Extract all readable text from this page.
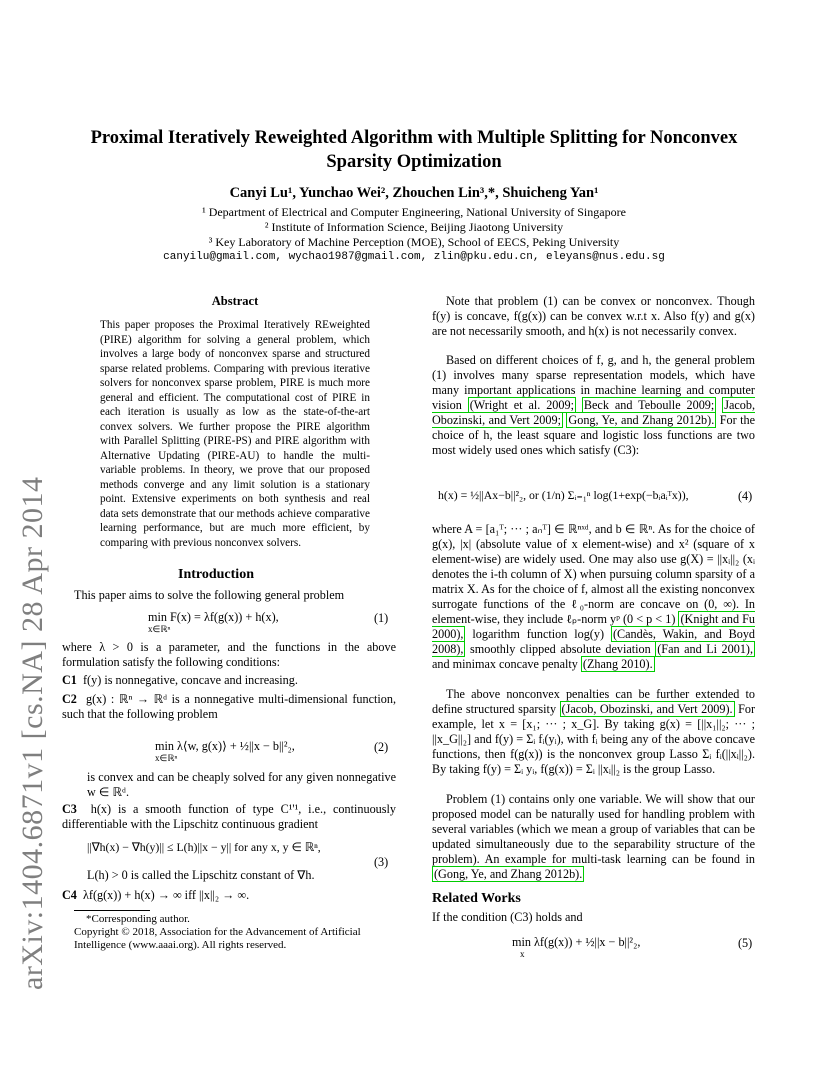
Proximal Iteratively Reweighted Algorithm with Multiple Splitting for Nonconvex Sparsity Optimization
Canyi Lu¹, Yunchao Wei², Zhouchen Lin³,*, Shuicheng Yan¹
¹ Department of Electrical and Computer Engineering, National University of Singapore
² Institute of Information Science, Beijing Jiaotong University
³ Key Laboratory of Machine Perception (MOE), School of EECS, Peking University
canyilu@gmail.com, wychao1987@gmail.com, zlin@pku.edu.cn, eleyans@nus.edu.sg
arXiv:1404.6871v1 [cs.NA] 28 Apr 2014
Abstract
This paper proposes the Proximal Iteratively REweighted (PIRE) algorithm for solving a general problem, which involves a large body of nonconvex sparse and structured sparse related problems. Comparing with previous iterative solvers for nonconvex sparse problem, PIRE is much more general and efficient. The computational cost of PIRE in each iteration is usually as low as the state-of-the-art convex solvers. We further propose the PIRE algorithm with Parallel Splitting (PIRE-PS) and PIRE algorithm with Alternative Updating (PIRE-AU) to handle the multi-variable problems. In theory, we prove that our proposed methods converge and any limit solution is a stationary point. Extensive experiments on both synthesis and real data sets demonstrate that our methods achieve comparative learning performance, but are much more efficient, by comparing with previous nonconvex solvers.
Introduction
This paper aims to solve the following general problem
min F(x) = λf(g(x)) + h(x),
x∈ℝⁿ
(1)
where λ > 0 is a parameter, and the functions in the above formulation satisfy the following conditions:
C1 f(y) is nonnegative, concave and increasing.
C2 g(x) : ℝⁿ → ℝᵈ is a nonnegative multi-dimensional function, such that the following problem
min λ⟨w, g(x)⟩ + ½||x − b||²₂,
x∈ℝⁿ
(2)
is convex and can be cheaply solved for any given nonnegative w ∈ ℝᵈ.
C3 h(x) is a smooth function of type C¹'¹, i.e., continuously differentiable with the Lipschitz continuous gradient
||∇h(x) − ∇h(y)|| ≤ L(h)||x − y|| for any x, y ∈ ℝⁿ,
(3)
L(h) > 0 is called the Lipschitz constant of ∇h.
C4 λf(g(x)) + h(x) → ∞ iff ||x||₂ → ∞.
*Corresponding author.
Copyright © 2018, Association for the Advancement of Artificial Intelligence (www.aaai.org). All rights reserved.
Note that problem (1) can be convex or nonconvex. Though f(y) is concave, f(g(x)) can be convex w.r.t x. Also f(y) and g(x) are not necessarily smooth, and h(x) is not necessarily convex.
Based on different choices of f, g, and h, the general problem (1) involves many sparse representation models, which have many important applications in machine learning and computer vision (Wright et al. 2009; Beck and Teboulle 2009; Jacob, Obozinski, and Vert 2009; Gong, Ye, and Zhang 2012b). For the choice of h, the least square and logistic loss functions are two most widely used ones which satisfy (C3):
h(x) = ½||Ax−b||²₂, or (1/n) Σᵢ₌₁ⁿ log(1+exp(−bᵢaᵢᵀx)),	(4)
where A = [a₁ᵀ; ··· ; aₙᵀ] ∈ ℝⁿˣᵈ, and b ∈ ℝⁿ. As for the choice of g(x), |x| (absolute value of x element-wise) and x² (square of x element-wise) are widely used. One may also use g(X) = ||xᵢ||₂ (xᵢ denotes the i-th column of X) when pursuing column sparsity of a matrix X. As for the choice of f, almost all the existing nonconvex surrogate functions of the ℓ₀-norm are concave on (0, ∞). In element-wise, they include ℓₚ-norm yᵖ (0 < p < 1) (Knight and Fu 2000), logarithm function log(y) (Candès, Wakin, and Boyd 2008), smoothly clipped absolute deviation (Fan and Li 2001), and minimax concave penalty (Zhang 2010).
The above nonconvex penalties can be further extended to define structured sparsity (Jacob, Obozinski, and Vert 2009). For example, let x = [x₁; ··· ; x_G]. By taking g(x) = [||x₁||₂; ··· ; ||x_G||₂] and f(y) = Σᵢ fᵢ(yᵢ), with fᵢ being any of the above concave functions, then f(g(x)) is the nonconvex group Lasso Σᵢ fᵢ(||xᵢ||₂). By taking f(y) = Σᵢ yᵢ, f(g(x)) = Σᵢ ||xᵢ||₂ is the group Lasso.
Problem (1) contains only one variable. We will show that our proposed model can be naturally used for handling problem with several variables (which we mean a group of variables that can be updated simultaneously due to the separability structure of the problem). An example for multi-task learning can be found in (Gong, Ye, and Zhang 2012b).
Related Works
If the condition (C3) holds and
min λf(g(x)) + ½||x − b||²₂,
x
(5)
